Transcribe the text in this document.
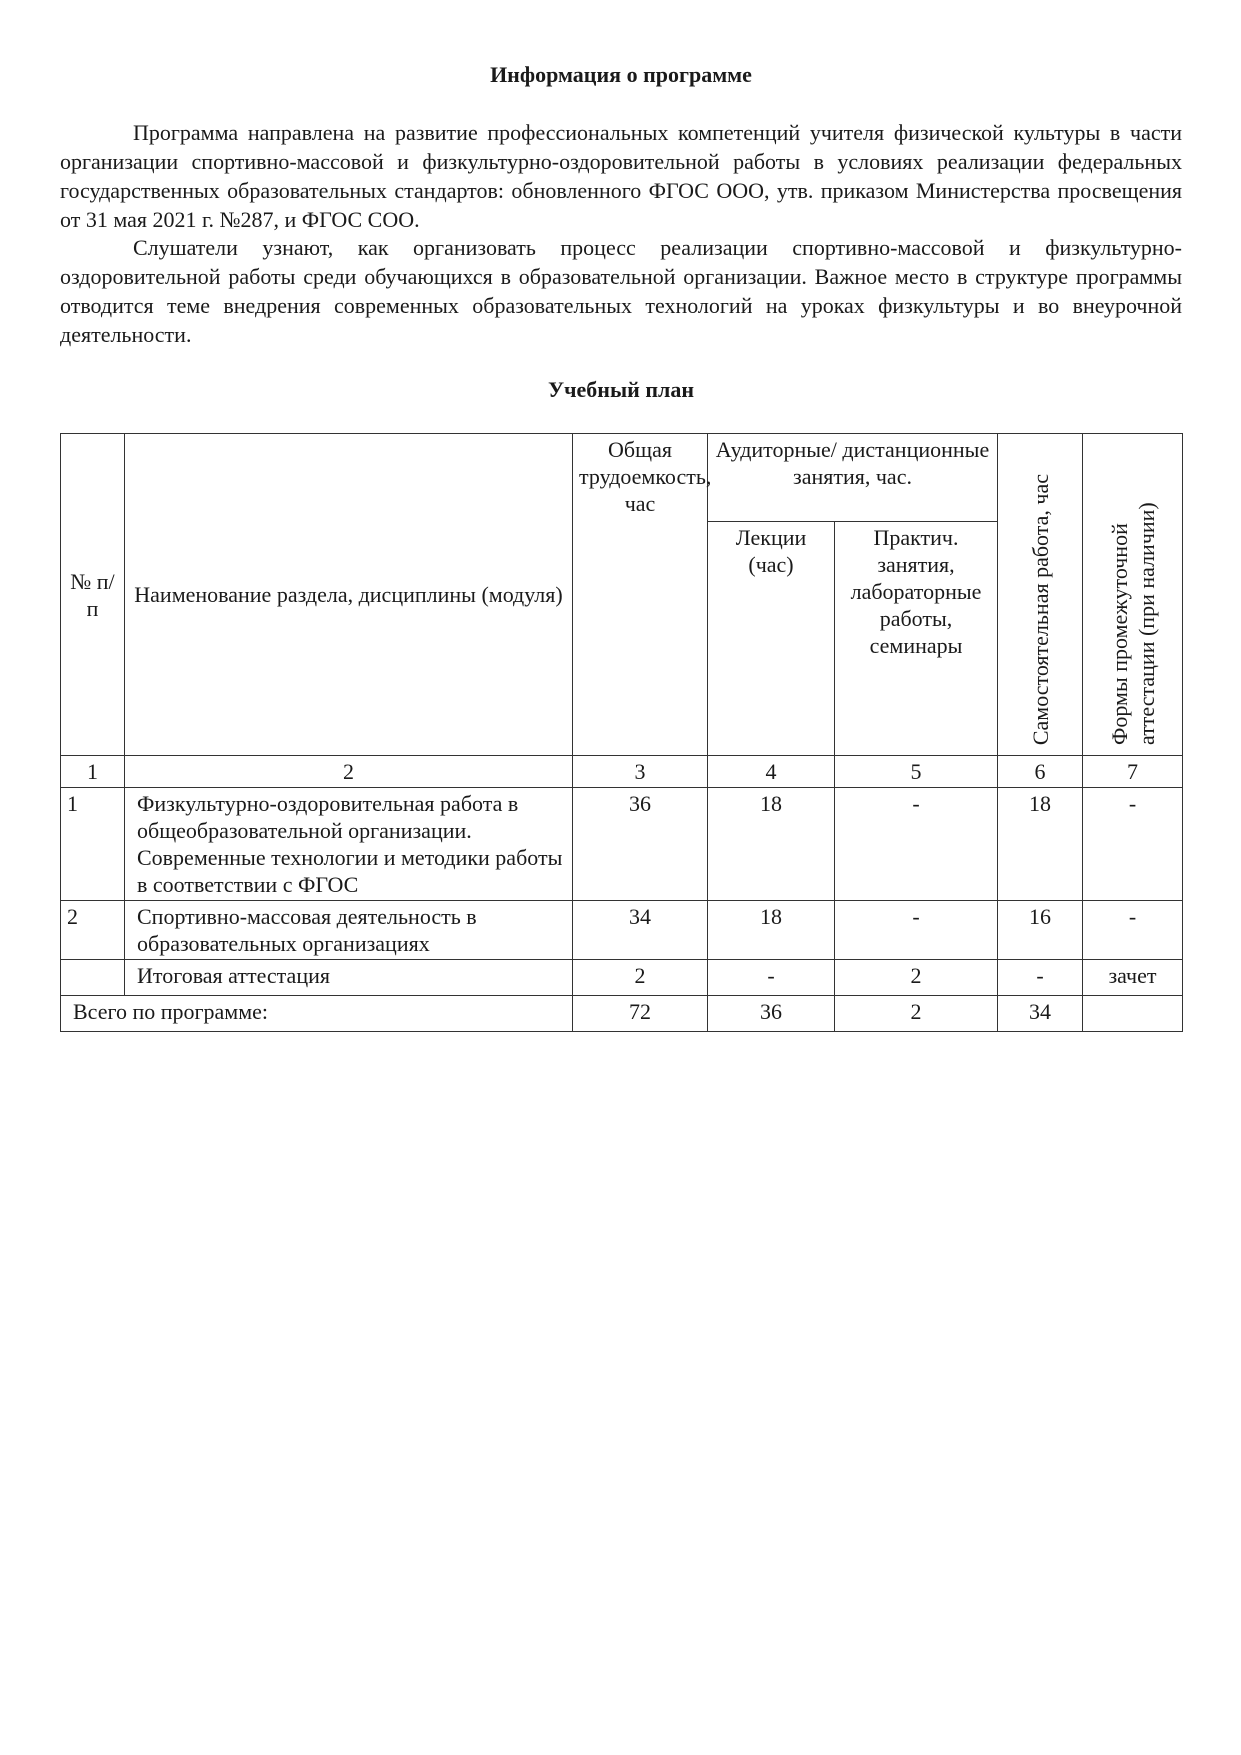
Информация о программе

Программа направлена на развитие профессиональных компетенций учителя физической культуры в части организации спортивно-массовой и физкультурно-оздоровительной работы в условиях реализации федеральных государственных образовательных стандартов: обновленного ФГОС ООО, утв. приказом Министерства просвещения от 31 мая 2021 г. №287, и ФГОС СОО.

Слушатели узнают, как организовать процесс реализации спортивно-массовой и физкультурно-оздоровительной работы среди обучающихся в образовательной организации. Важное место в структуре программы отводится теме внедрения современных образовательных технологий на уроках физкультуры и во внеурочной деятельности.

Учебный план
№ п/п	Наименование раздела, дисциплины (модуля)	Общая трудоемкость, час	Аудиторные/ дистанционные занятия, час.		Самостоятельная работа, час	Формы промежуточной аттестации (при наличии)
			Лекции (час)	Практич. занятия, лабораторные работы, семинары		
1	2	3	4	5	6	7
1	Физкультурно-оздоровительная работа в общеобразовательной организации. Современные технологии и методики работы в соответствии с ФГОС	36	18	-	18	-
2	Спортивно-массовая деятельность в образовательных организациях	34	18	-	16	-
	Итоговая аттестация	2	-	2	-	зачет
Всего по программе:		72	36	2	34	
